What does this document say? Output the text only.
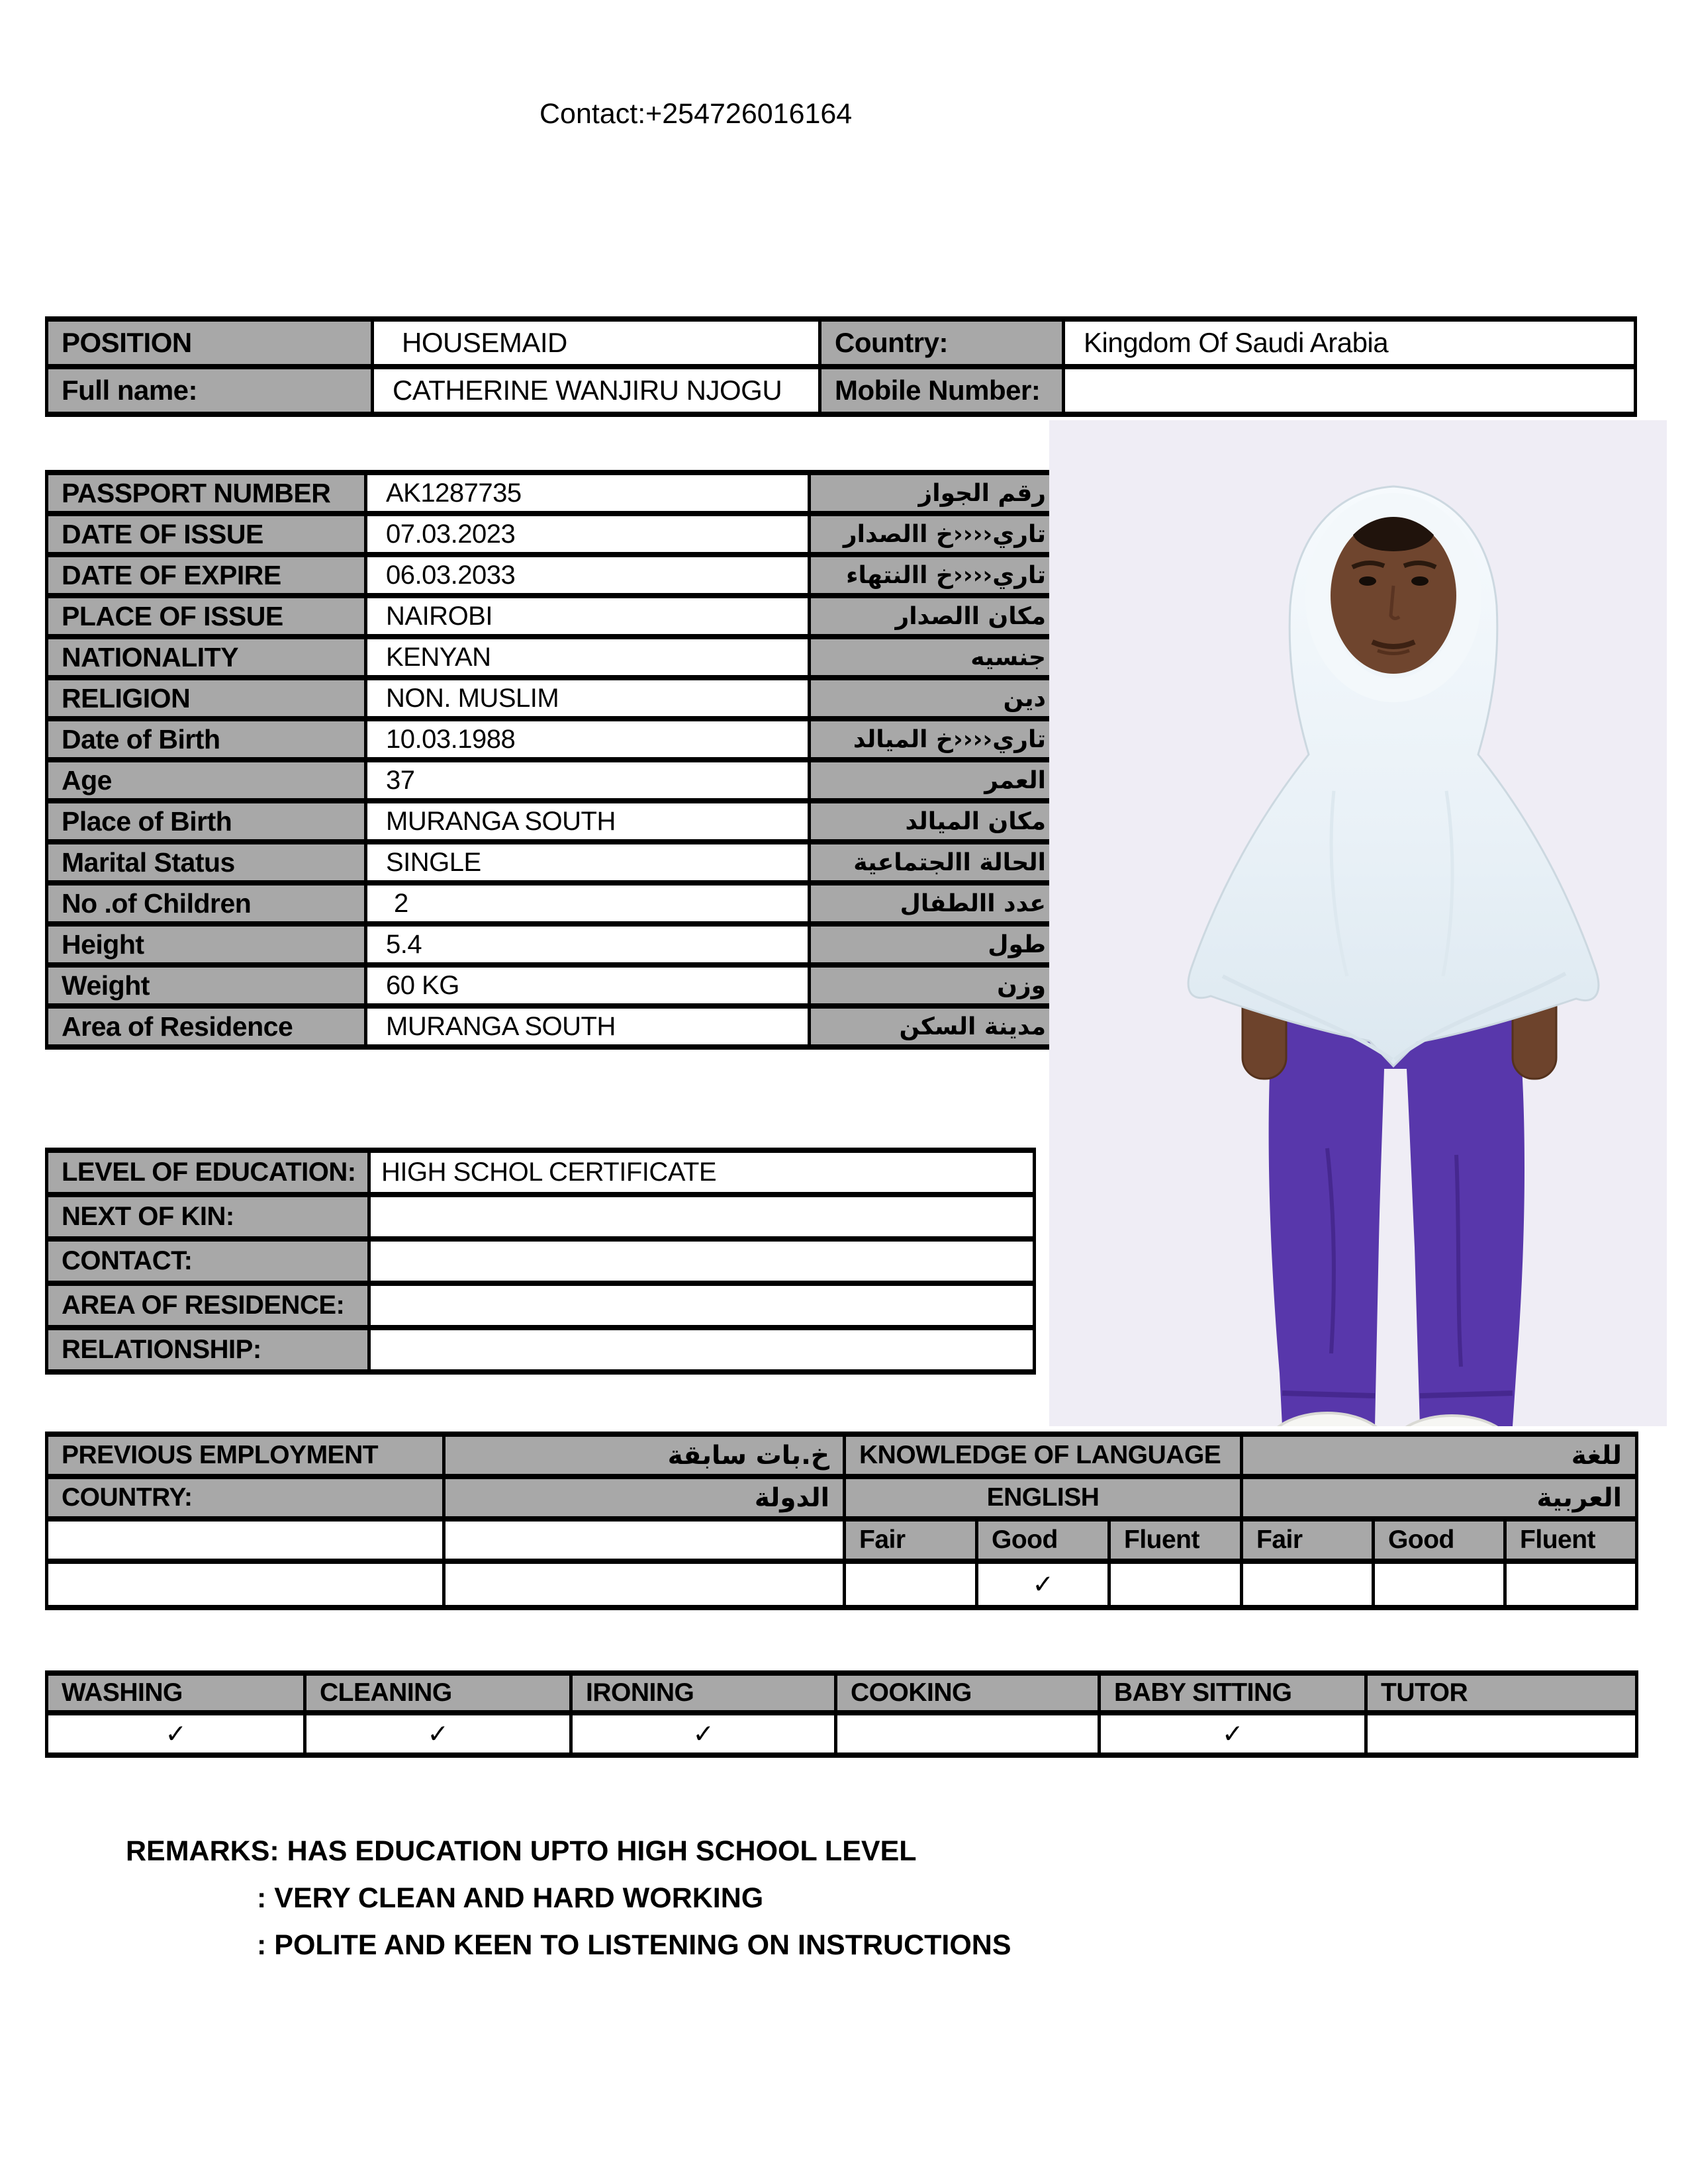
Contact:+254726016164
POSITION	HOUSEMAID	Country:	Kingdom Of Saudi Arabia
Full name:	CATHERINE WANJIRU NJOGU	Mobile Number:	
PASSPORT NUMBER	AK1287735	رقم الجواز
DATE OF ISSUE	07.03.2023	تاري‹‹‹‹خ االصدار
DATE OF EXPIRE	06.03.2033	تاري‹‹‹‹خ االنتهاء
PLACE OF ISSUE	NAIROBI	مكان االصدار
NATIONALITY	KENYAN	جنسيه
RELIGION	NON. MUSLIM	دين
Date of Birth	10.03.1988	تاري‹‹‹‹خ الميالد
Age	37	العمر
Place of Birth	MURANGA SOUTH	مكان الميالد
Marital Status	SINGLE	الحالة االجتماعية
No .of Children	2	عدد االطفال
Height	5.4	طول
Weight	60 KG	وزن
Area of Residence	MURANGA SOUTH	مدينة السكن
LEVEL OF EDUCATION:	HIGH SCHOL CERTIFICATE
NEXT OF KIN:	
CONTACT:	
AREA OF RESIDENCE:	
RELATIONSHIP:	
PREVIOUS EMPLOYMENT	خ.بات سابقة	KNOWLEDGE OF LANGUAGE			للغة		
COUNTRY:	الدولة	ENGLISH			العربية		
		Fair	Good	Fluent	Fair	Good	Fluent
			✓				
WASHING	CLEANING	IRONING	COOKING	BABY SITTING	TUTOR
✓	✓	✓		✓	
REMARKS: HAS EDUCATION UPTO HIGH SCHOOL LEVEL
: VERY CLEAN AND HARD WORKING
: POLITE AND KEEN TO LISTENING ON INSTRUCTIONS
